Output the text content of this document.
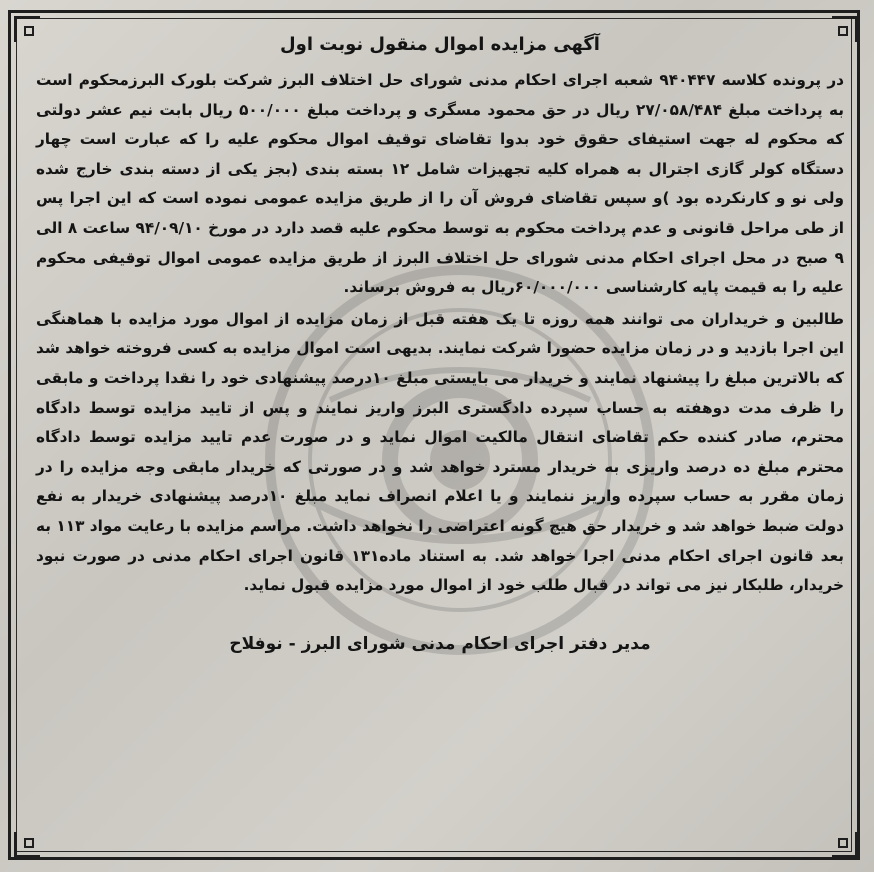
آگهی مزایده اموال منقول نوبت اول

در پرونده کلاسه ۹۴۰۴۴۷ شعبه اجرای احکام مدنی شورای حل اختلاف البرز شرکت بلورک البرزمحکوم است به پرداخت مبلغ ۲۷/۰۵۸/۴۸۴ ریال در حق محمود مسگری و پرداخت مبلغ ۵۰۰/۰۰۰ ریال بابت نیم عشر دولتی که محکوم له جهت استیفای حقوق خود بدوا تقاضای توقیف اموال محکوم علیه را که عبارت است چهار دستگاه کولر گازی اجترال به همراه کلیه تجهیزات شامل ۱۲ بسته بندی (بجز یکی از دسته بندی خارج شده ولی نو و کارنکرده بود )و سپس تقاضای فروش آن را از طریق مزایده عمومی نموده است که این اجرا پس از طی مراحل قانونی و عدم پرداخت محکوم به توسط محکوم علیه قصد دارد در مورخ ۹۴/۰۹/۱۰ ساعت ۸ الی ۹ صبح در محل اجرای احکام مدنی شورای حل اختلاف البرز از طریق مزایده عمومی اموال توقیفی محکوم علیه را به قیمت پایه کارشناسی ۶۰/۰۰۰/۰۰۰ریال به فروش برساند.

طالبین و خریداران می توانند همه روزه تا یک هفته قبل از زمان مزایده از اموال مورد مزایده با هماهنگی این اجرا بازدید و در زمان مزایده حضورا شرکت نمایند. بدیهی است اموال مزایده به کسی فروخته خواهد شد که بالاترین مبلغ را پیشنهاد نمایند و خریدار می بایستی مبلغ ۱۰درصد پیشنهادی خود را نقدا پرداخت و مابقی را ظرف مدت دوهفته به حساب سپرده دادگستری البرز واریز نمایند و پس از تایید مزایده توسط دادگاه محترم، صادر کننده حکم تقاضای انتقال مالکیت اموال نماید و در صورت عدم تایید مزایده توسط دادگاه محترم مبلغ ده درصد واریزی به خریدار مسترد خواهد شد و در صورتی که خریدار مابقی وجه مزایده را در زمان مقرر به حساب سپرده واریز ننمایند و یا اعلام انصراف نماید مبلغ ۱۰درصد پیشنهادی خریدار به نفع دولت ضبط خواهد شد و خریدار حق هیچ گونه اعتراضی را نخواهد داشت. مراسم مزایده با رعایت مواد ۱۱۳ به بعد قانون اجرای احکام مدنی اجرا خواهد شد. به استناد ماده۱۳۱ قانون اجرای احکام مدنی در صورت نبود خریدار، طلبکار نیز می تواند در قبال طلب خود از اموال مورد مزایده قبول نماید.

مدیر دفتر اجرای احکام مدنی شورای البرز - نوفلاح
